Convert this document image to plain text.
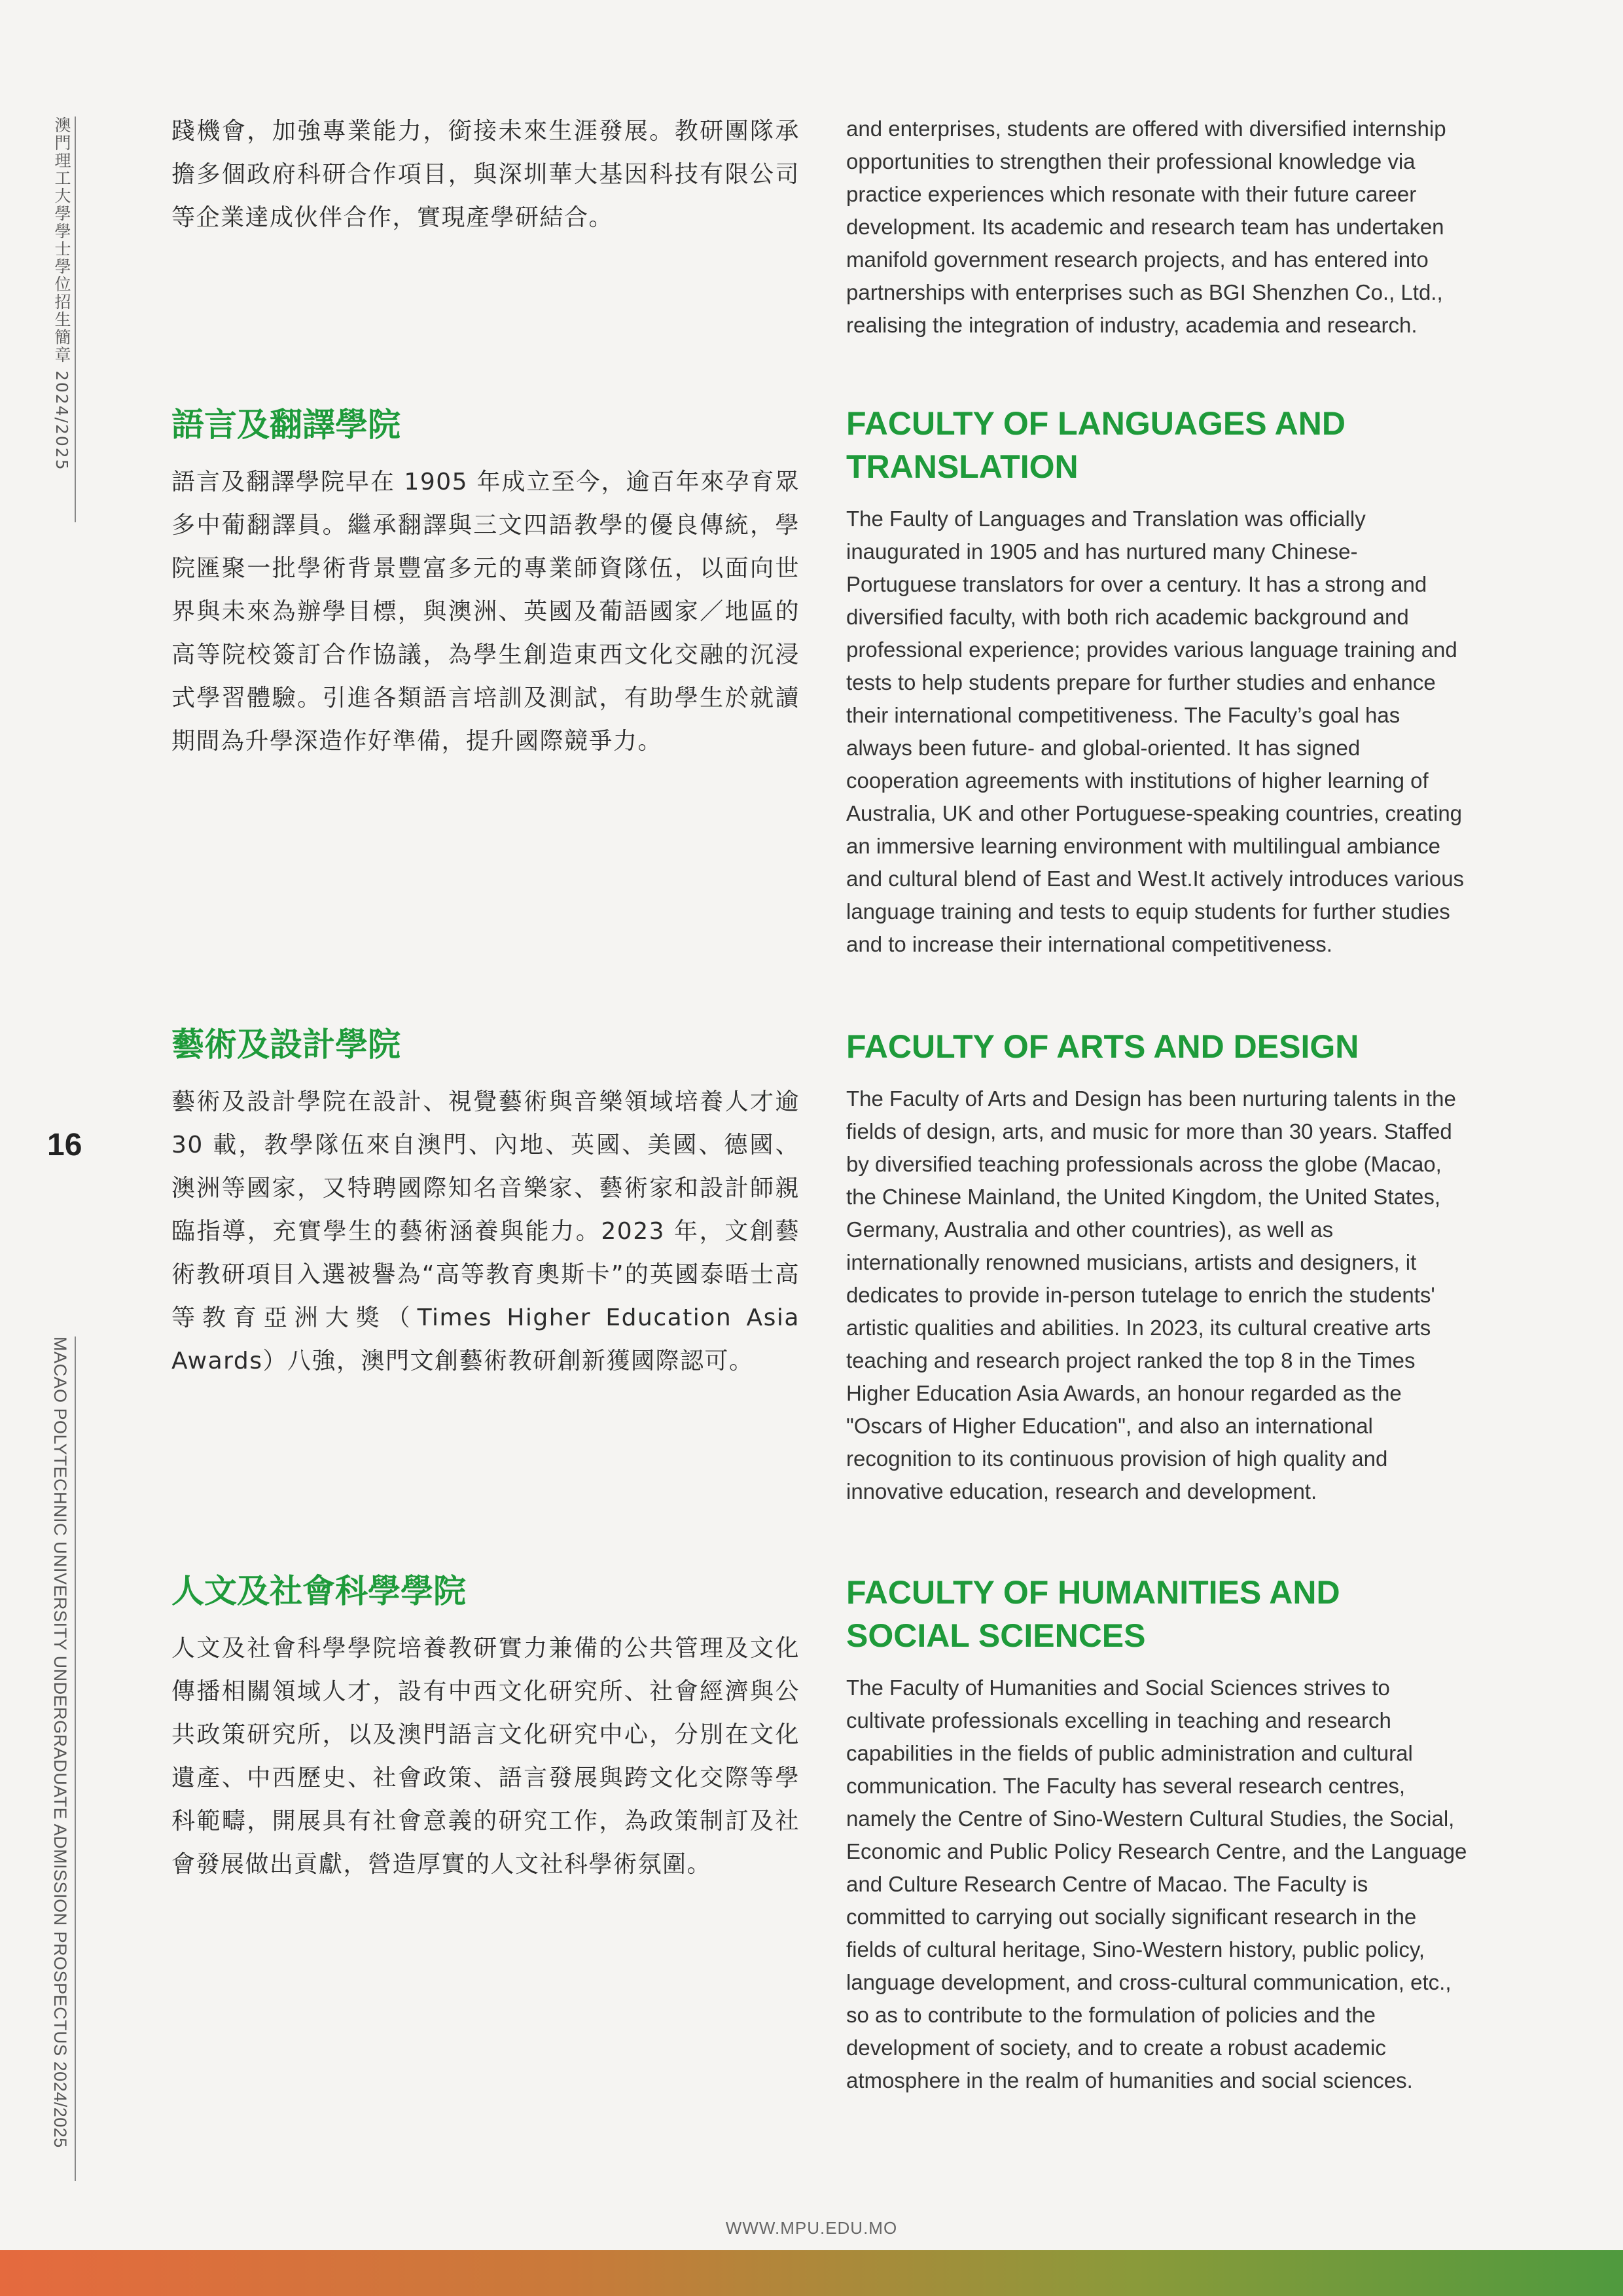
澳門理工大學學士學位招生簡章 2024/2025
16
MACAO POLYTECHNIC UNIVERSITY UNDERGRADUATE ADMISSION PROSPECTUS 2024/2025

踐機會，加強專業能力，銜接未來生涯發展。教研團隊承擔多個政府科研合作項目，與深圳華大基因科技有限公司等企業達成伙伴合作，實現產學研結合。

and enterprises, students are offered with diversified internship opportunities to strengthen their professional knowledge via practice experiences which resonate with their future career development. Its academic and research team has undertaken manifold government research projects, and has entered into partnerships with enterprises such as BGI Shenzhen Co., Ltd., realising the integration of industry, academia and research.

語言及翻譯學院

語言及翻譯學院早在 1905 年成立至今，逾百年來孕育眾多中葡翻譯員。繼承翻譯與三文四語教學的優良傳統，學院匯聚一批學術背景豐富多元的專業師資隊伍，以面向世界與未來為辦學目標，與澳洲、英國及葡語國家／地區的高等院校簽訂合作協議，為學生創造東西文化交融的沉浸式學習體驗。引進各類語言培訓及測試，有助學生於就讀期間為升學深造作好準備，提升國際競爭力。

FACULTY OF LANGUAGES AND TRANSLATION

The Faulty of Languages and Translation was officially inaugurated in 1905 and has nurtured many Chinese-Portuguese translators for over a century. It has a strong and diversified faculty, with both rich academic background and professional experience; provides various language training and tests to help students prepare for further studies and enhance their international competitiveness. The Faculty’s goal has always been future- and global-oriented. It has signed cooperation agreements with institutions of higher learning of Australia, UK and other Portuguese-speaking countries, creating an immersive learning environment with multilingual ambiance and cultural blend of East and West.It actively introduces various language training and tests to equip students for further studies and to increase their international competitiveness.

藝術及設計學院

藝術及設計學院在設計、視覺藝術與音樂領域培養人才逾 30 載，教學隊伍來自澳門、內地、英國、美國、德國、澳洲等國家，又特聘國際知名音樂家、藝術家和設計師親臨指導，充實學生的藝術涵養與能力。2023 年，文創藝術教研項目入選被譽為“高等教育奧斯卡”的英國泰晤士高等教育亞洲大獎（Times Higher Education Asia Awards）八強，澳門文創藝術教研創新獲國際認可。

FACULTY OF ARTS AND DESIGN

The Faculty of Arts and Design has been nurturing talents in the fields of design, arts, and music for more than 30 years. Staffed by diversified teaching professionals across the globe (Macao, the Chinese Mainland, the United Kingdom, the United States, Germany, Australia and other countries), as well as internationally renowned musicians, artists and designers, it dedicates to provide in-person tutelage to enrich the students' artistic qualities and abilities. In 2023, its cultural creative arts teaching and research project ranked the top 8 in the Times Higher Education Asia Awards, an honour regarded as the "Oscars of Higher Education", and also an international recognition to its continuous provision of high quality and innovative education, research and development.

人文及社會科學學院

人文及社會科學學院培養教研實力兼備的公共管理及文化傳播相關領域人才，設有中西文化研究所、社會經濟與公共政策研究所，以及澳門語言文化研究中心，分別在文化遺產、中西歷史、社會政策、語言發展與跨文化交際等學科範疇，開展具有社會意義的研究工作，為政策制訂及社會發展做出貢獻，營造厚實的人文社科學術氛圍。

FACULTY OF HUMANITIES AND SOCIAL SCIENCES

The Faculty of Humanities and Social Sciences strives to cultivate professionals excelling in teaching and research capabilities in the fields of public administration and cultural communication. The Faculty has several research centres, namely the Centre of Sino-Western Cultural Studies, the Social, Economic and Public Policy Research Centre, and the Language and Culture Research Centre of Macao. The Faculty is committed to carrying out socially significant research in the fields of cultural heritage, Sino-Western history, public policy, language development, and cross-cultural communication, etc., so as to contribute to the formulation of policies and the development of society, and to create a robust academic atmosphere in the realm of humanities and social sciences.

WWW.MPU.EDU.MO
